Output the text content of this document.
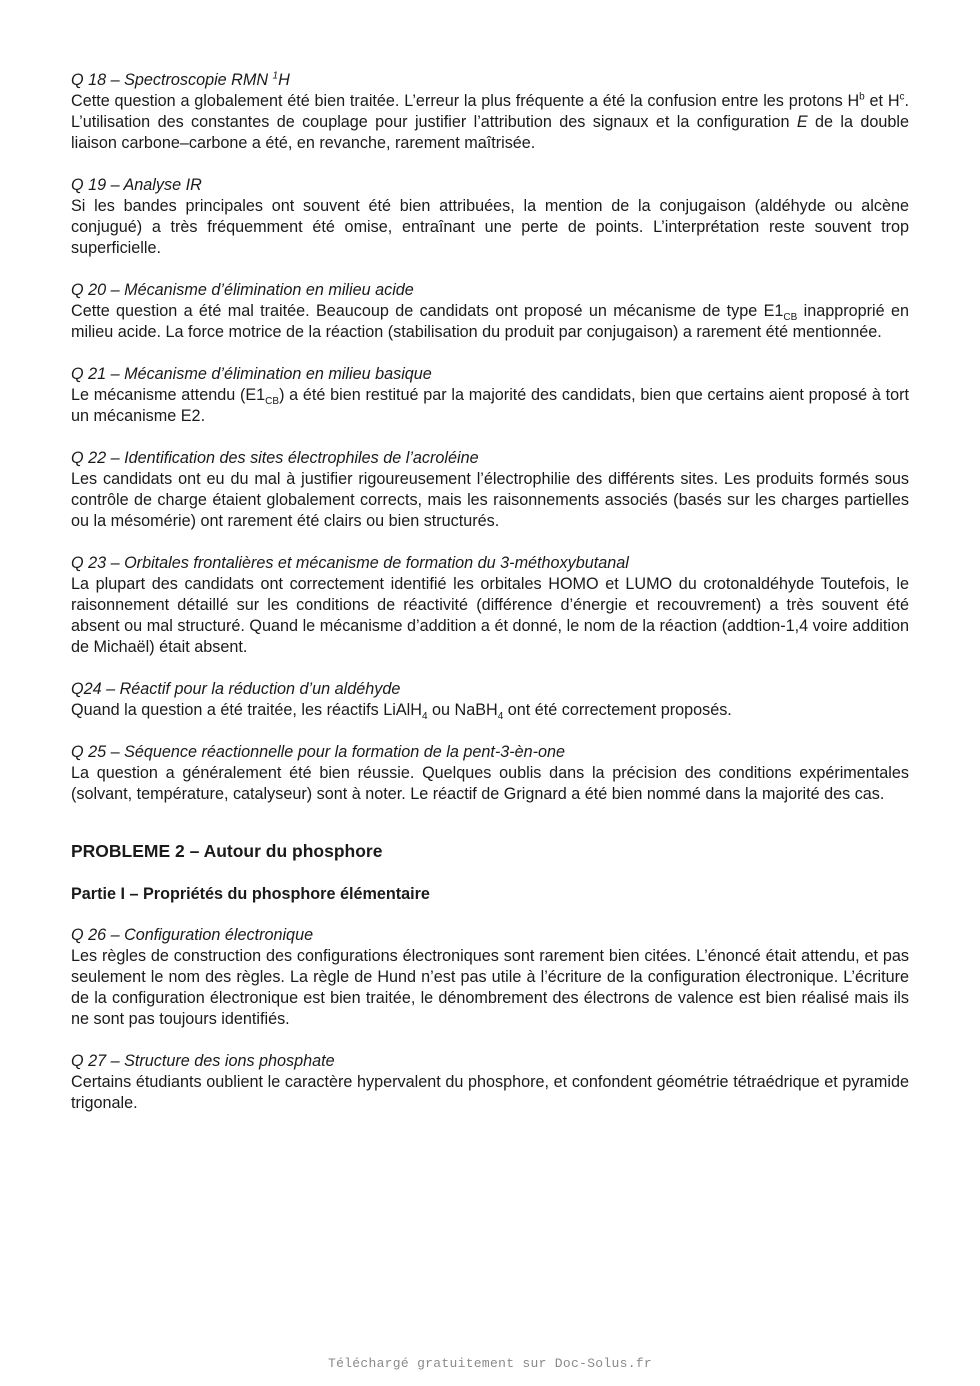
Q 18 – Spectroscopie RMN $^1$H

Cette question a globalement été bien traitée. L’erreur la plus fréquente a été la confusion entre les protons $H^b$ et $H^c$. L’utilisation des constantes de couplage pour justifier l’attribution des signaux et la configuration E de la double liaison carbone–carbone a été, en revanche, rarement maîtrisée.

Q 19 – Analyse IR

Si les bandes principales ont souvent été bien attribuées, la mention de la conjugaison (aldéhyde ou alcène conjugué) a très fréquemment été omise, entraînant une perte de points. L’interprétation reste souvent trop superficielle.

Q 20 – Mécanisme d’élimination en milieu acide

Cette question a été mal traitée. Beaucoup de candidats ont proposé un mécanisme de type $E1_{CB}$ inapproprié en milieu acide. La force motrice de la réaction (stabilisation du produit par conjugaison) a rarement été mentionnée.

Q 21 – Mécanisme d’élimination en milieu basique

Le mécanisme attendu $(E1_{CB})$ a été bien restitué par la majorité des candidats, bien que certains aient proposé à tort un mécanisme E2.

Q 22 – Identification des sites électrophiles de l’acroléine

Les candidats ont eu du mal à justifier rigoureusement l’électrophilie des différents sites. Les produits formés sous contrôle de charge étaient globalement corrects, mais les raisonnements associés (basés sur les charges partielles ou la mésomérie) ont rarement été clairs ou bien structurés.

Q 23 – Orbitales frontalières et mécanisme de formation du 3-méthoxybutanal

La plupart des candidats ont correctement identifié les orbitales HOMO et LUMO du crotonaldéhyde Toutefois, le raisonnement détaillé sur les conditions de réactivité (différence d’énergie et recouvrement) a très souvent été absent ou mal structuré. Quand le mécanisme d’addition a ét donné, le nom de la réaction (addtion-1,4 voire addition de Michaël) était absent.

Q24 – Réactif pour la réduction d’un aldéhyde

Quand la question a été traitée, les réactifs LiAlH$_4$ ou NaBH$_4$ ont été correctement proposés.

Q 25 – Séquence réactionnelle pour la formation de la pent-3-èn-one

La question a généralement été bien réussie. Quelques oublis dans la précision des conditions expérimentales (solvant, température, catalyseur) sont à noter. Le réactif de Grignard a été bien nommé dans la majorité des cas.

PROBLEME 2 – Autour du phosphore
Partie I – Propriétés du phosphore élémentaire
Q 26 – Configuration électronique

Les règles de construction des configurations électroniques sont rarement bien citées. L’énoncé était attendu, et pas seulement le nom des règles. La règle de Hund n’est pas utile à l’écriture de la configuration électronique. L’écriture de la configuration électronique est bien traitée, le dénombrement des électrons de valence est bien réalisé mais ils ne sont pas toujours identifiés.

Q 27 – Structure des ions phosphate

Certains étudiants oublient le caractère hypervalent du phosphore, et confondent géométrie tétraédrique et pyramide trigonale.

Téléchargé gratuitement sur Doc-Solus.fr
